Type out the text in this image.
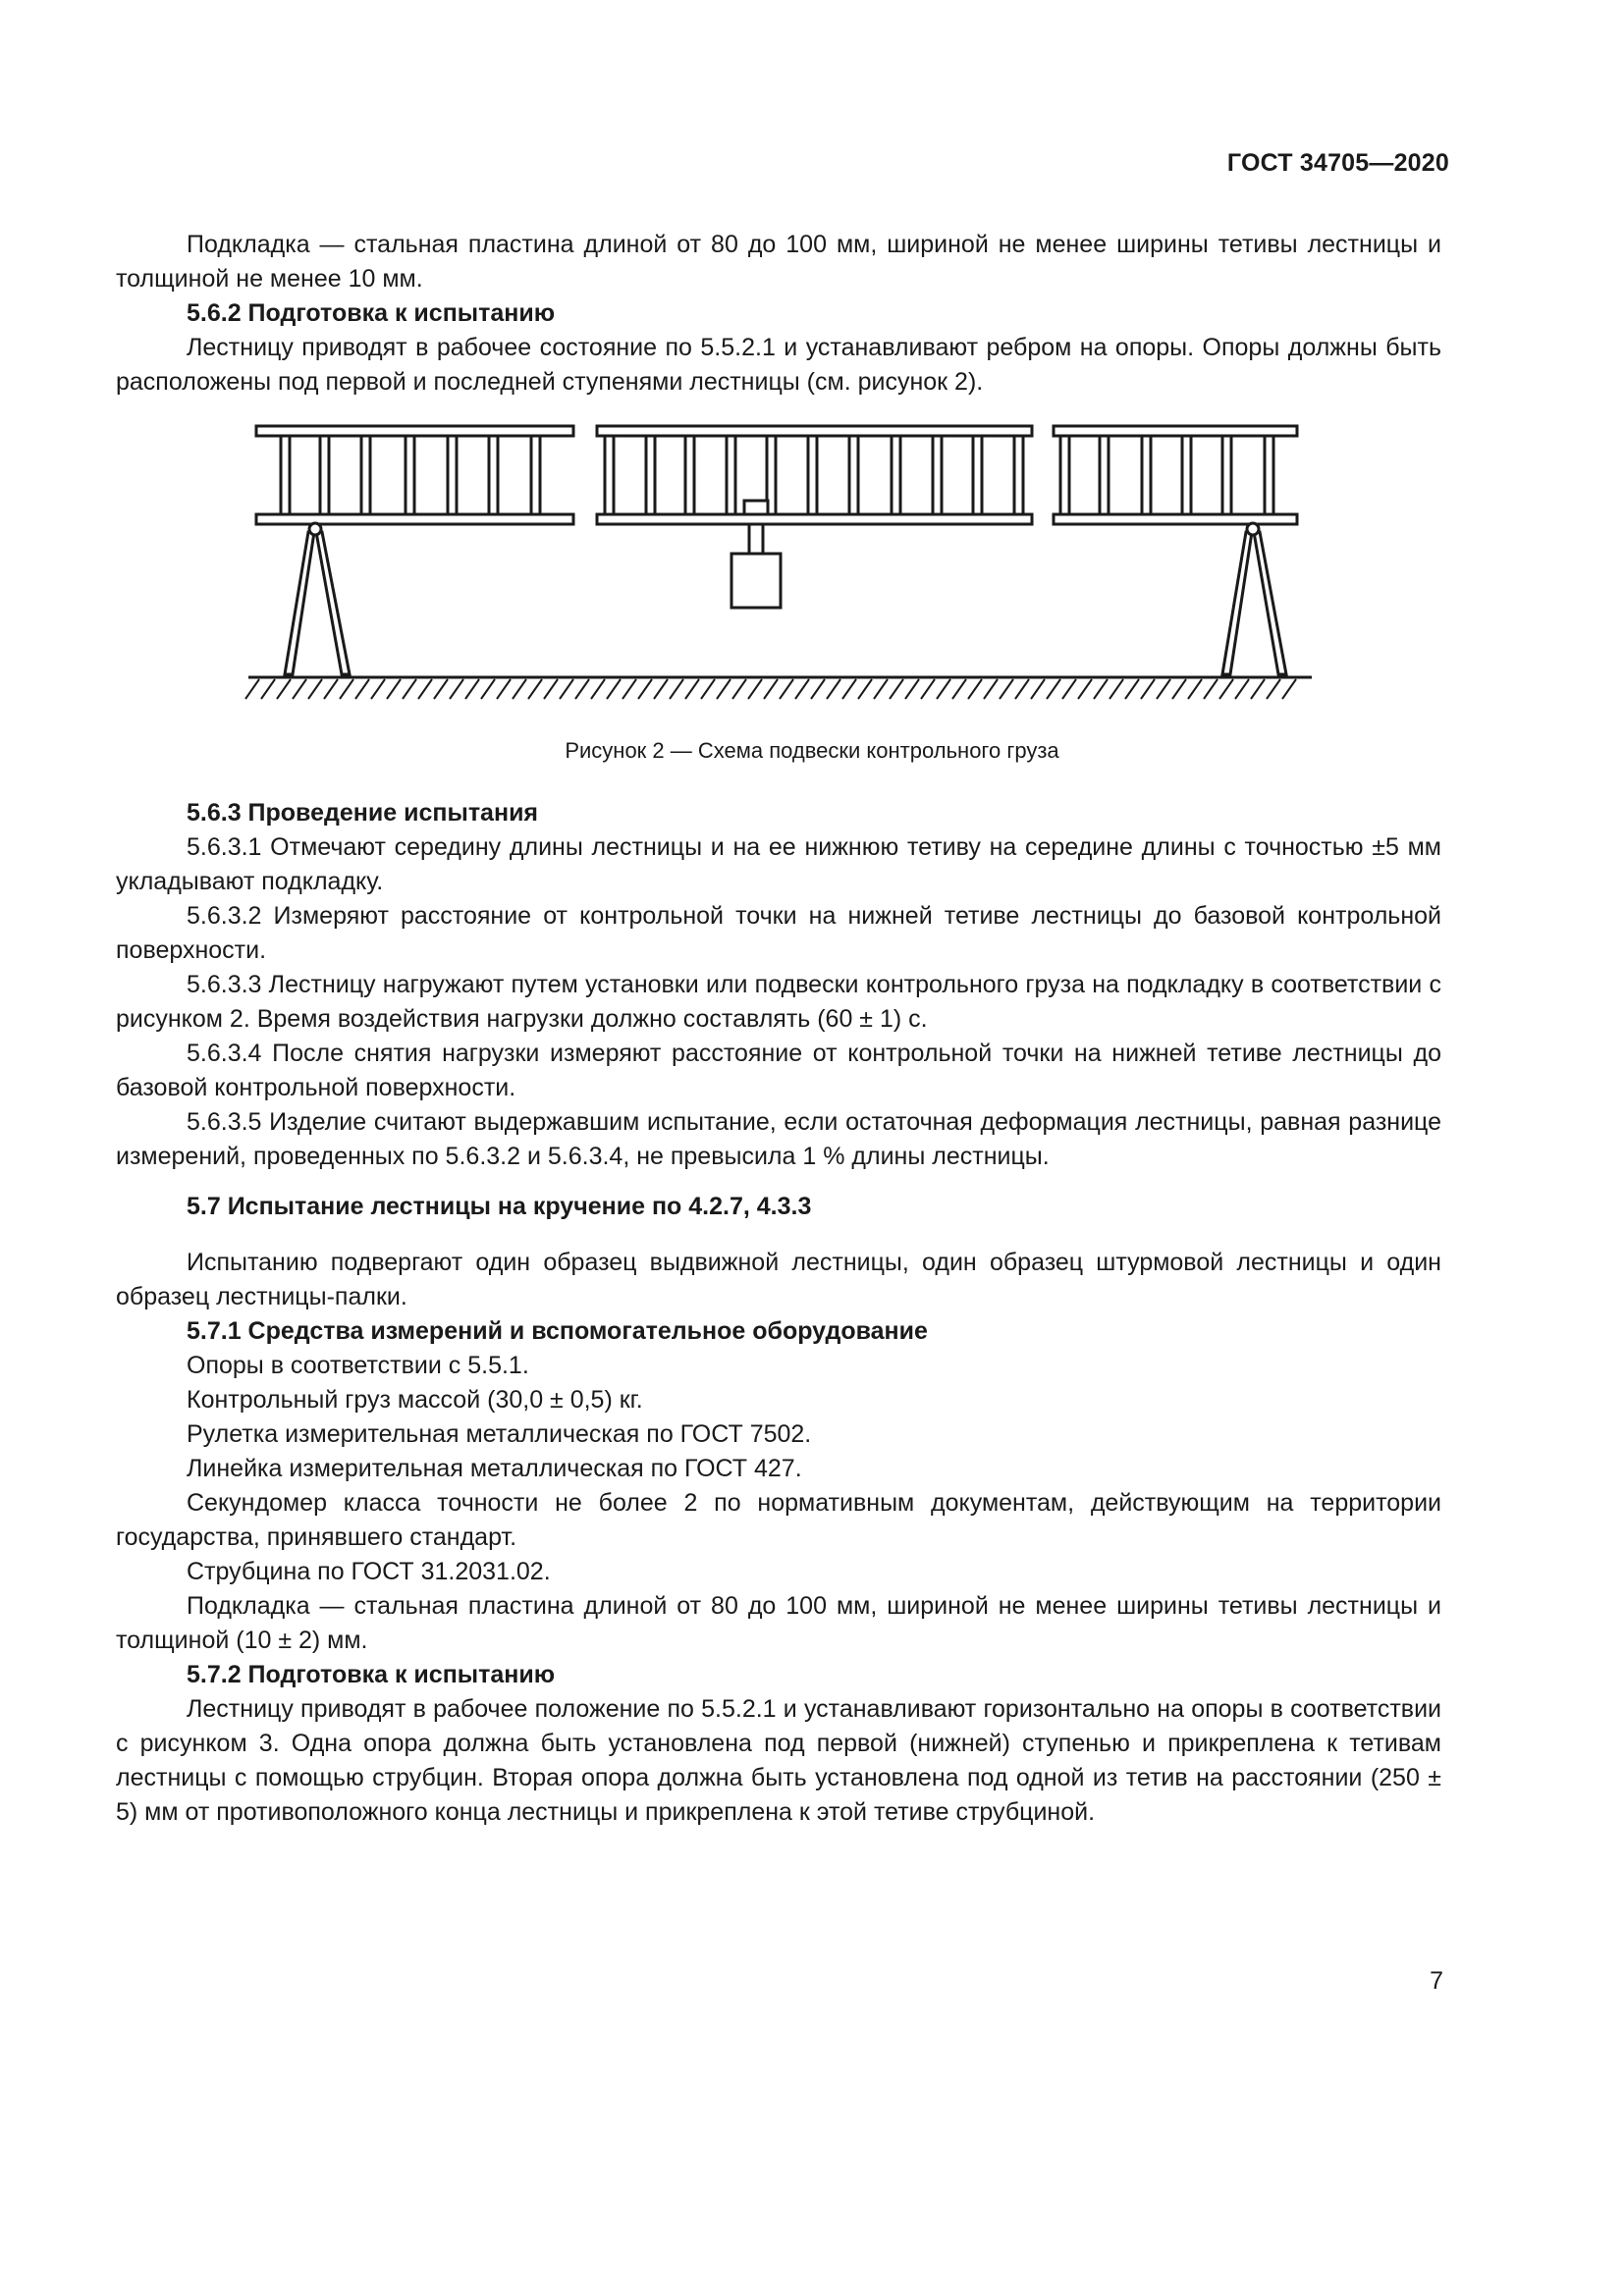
ГОСТ 34705—2020

Подкладка — стальная пластина длиной от 80 до 100 мм, шириной не менее ширины тетивы лестницы и толщиной не менее 10 мм.

5.6.2 Подготовка к испытанию

Лестницу приводят в рабочее состояние по 5.5.2.1 и устанавливают ребром на опоры. Опоры должны быть расположены под первой и последней ступенями лестницы (см. рисунок 2).

Рисунок 2 — Схема подвески контрольного груза

5.6.3 Проведение испытания

5.6.3.1 Отмечают середину длины лестницы и на ее нижнюю тетиву на середине длины с точностью ±5 мм укладывают подкладку.

5.6.3.2 Измеряют расстояние от контрольной точки на нижней тетиве лестницы до базовой контрольной поверхности.

5.6.3.3 Лестницу нагружают путем установки или подвески контрольного груза на подкладку в соответствии с рисунком 2. Время воздействия нагрузки должно составлять (60 ± 1) с.

5.6.3.4 После снятия нагрузки измеряют расстояние от контрольной точки на нижней тетиве лестницы до базовой контрольной поверхности.

5.6.3.5 Изделие считают выдержавшим испытание, если остаточная деформация лестницы, равная разнице измерений, проведенных по 5.6.3.2 и 5.6.3.4, не превысила 1 % длины лестницы.

5.7 Испытание лестницы на кручение по 4.2.7, 4.3.3

Испытанию подвергают один образец выдвижной лестницы, один образец штурмовой лестницы и один образец лестницы-палки.

5.7.1 Средства измерений и вспомогательное оборудование

Опоры в соответствии с 5.5.1.

Контрольный груз массой (30,0 ± 0,5) кг.

Рулетка измерительная металлическая по ГОСТ 7502.

Линейка измерительная металлическая по ГОСТ 427.

Секундомер класса точности не более 2 по нормативным документам, действующим на территории государства, принявшего стандарт.

Струбцина по ГОСТ 31.2031.02.

Подкладка — стальная пластина длиной от 80 до 100 мм, шириной не менее ширины тетивы лестницы и толщиной (10 ± 2) мм.

5.7.2 Подготовка к испытанию

Лестницу приводят в рабочее положение по 5.5.2.1 и устанавливают горизонтально на опоры в соответствии с рисунком 3. Одна опора должна быть установлена под первой (нижней) ступенью и прикреплена к тетивам лестницы с помощью струбцин. Вторая опора должна быть установлена под одной из тетив на расстоянии (250 ± 5) мм от противоположного конца лестницы и прикреплена к этой тетиве струбциной.

7
